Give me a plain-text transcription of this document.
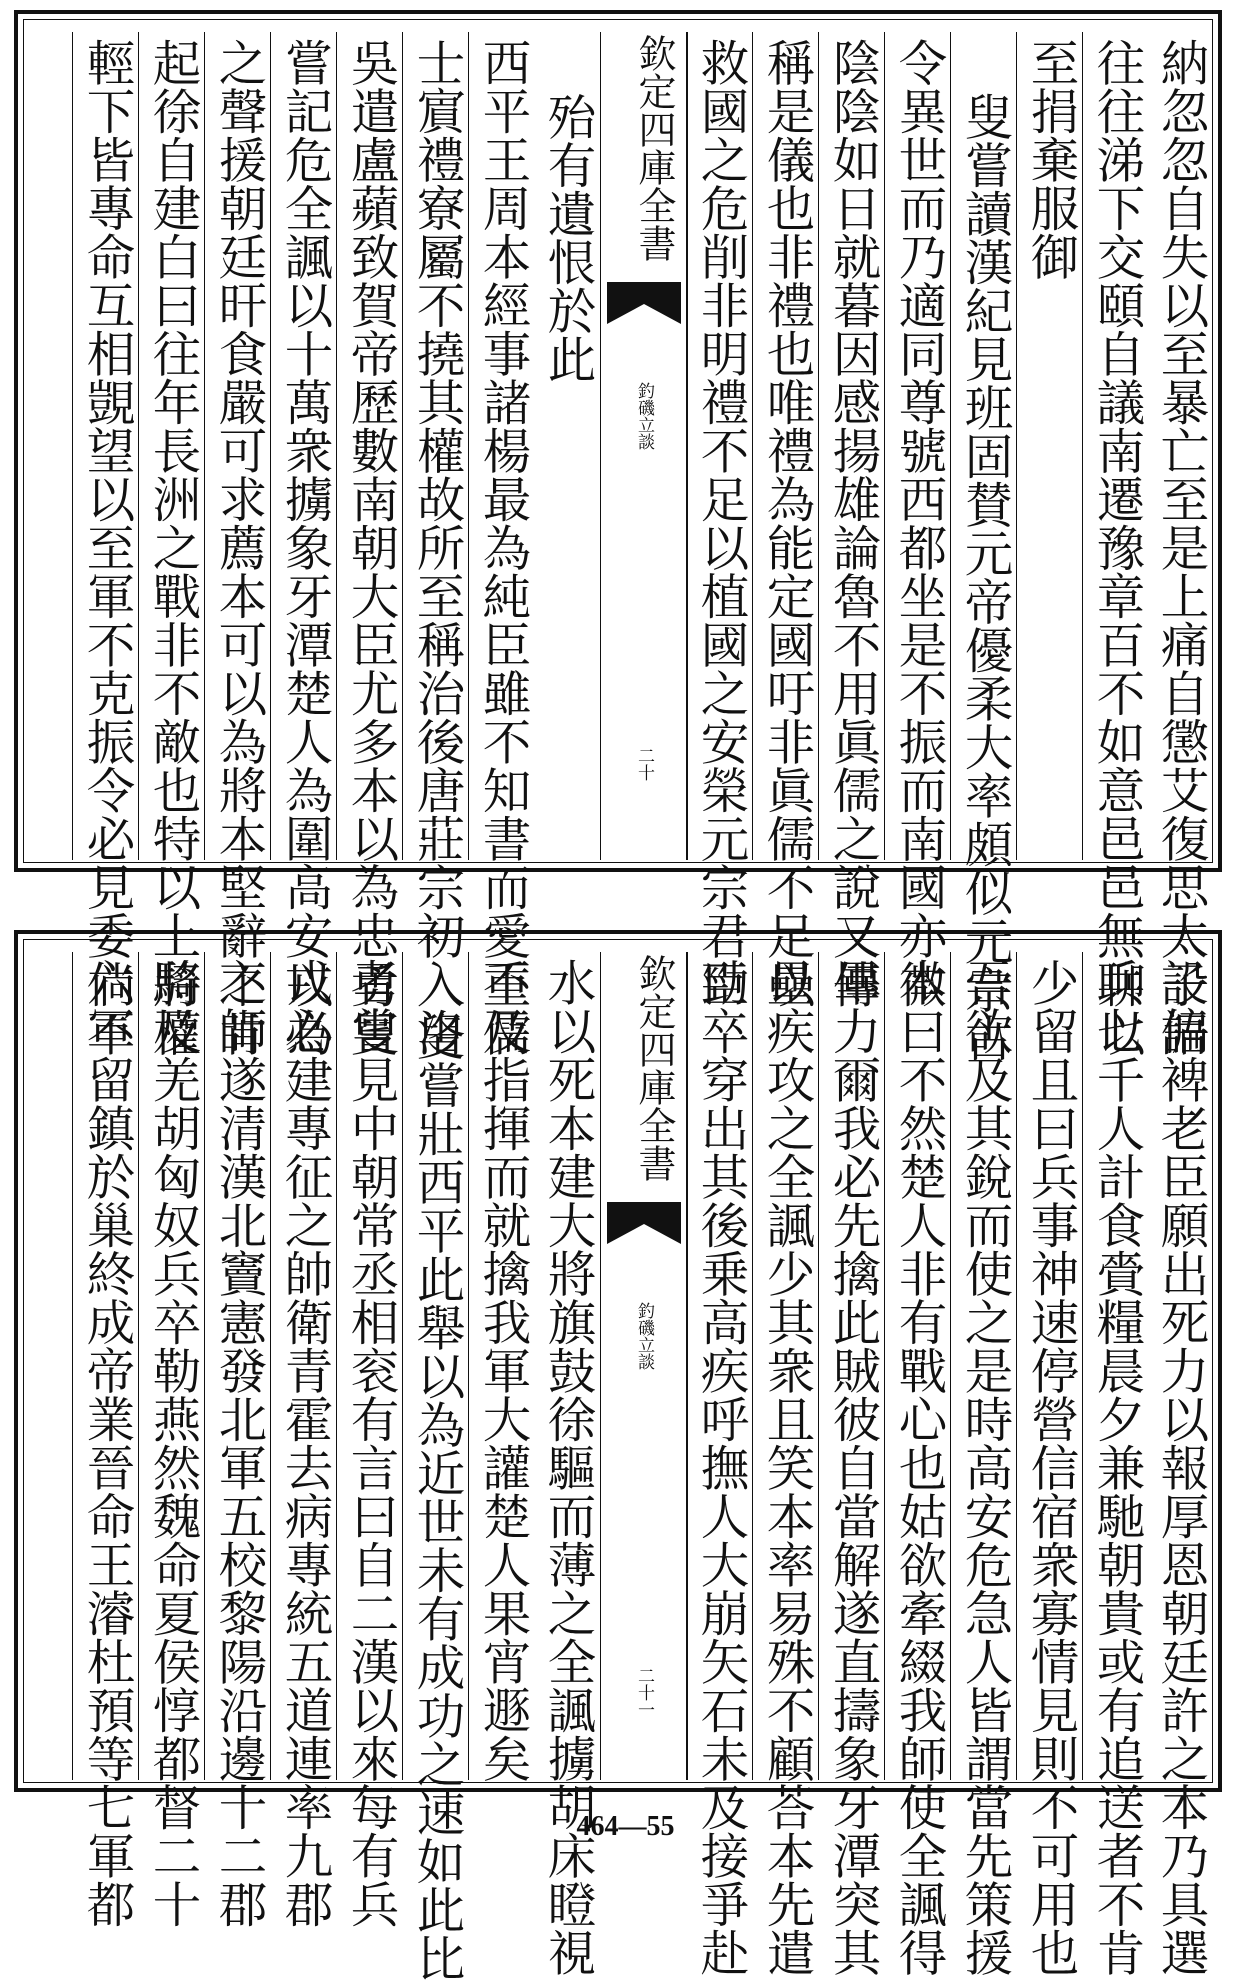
納忽忽自失以至暴亡至是上痛自懲艾復思太子語
往往涕下交頤自議南遷豫章百不如意邑邑無聊以
至捐棄服御
叟嘗讀漢紀見班固賛元帝優柔大率頗似元宗古
令異世而乃適同尊號西都坐是不振而南國亦微
陰陰如日就暮因感揚雄論魯不用眞儒之說又傳
稱是儀也非禮也唯禮為能定國吁非眞儒不足以
救國之危削非明禮不足以植國之安榮元宗君臣
欽定四庫全書
釣磯立談
二十
殆有遺恨於此
西平王周本經事諸楊最為純臣雖不知書而愛重儒
士賔禮寮屬不撓其權故所至稱治後唐莊宗初入洛
吳遣盧蘋致賀帝歷數南朝大臣尤多本以為忠勇叟
嘗記危全諷以十萬衆擄象牙潭楚人為圍高安以為
之聲援朝廷旰食嚴可求薦本可以為將本堅辭不肯
起徐自建白曰往年長洲之戰非不敵也特以上將權
輕下皆專命互相覬望以至軍不克振令必見委倘不
設偏裨老臣願出死力以報厚恩朝廷許之本乃具選
兵七千人計食賫糧晨夕兼馳朝貴或有追送者不肯
少留且曰兵事神速停營信宿衆寡情見則不可用也
吾欲及其銳而使之是時高安危急人皆謂當先策援
本曰不然楚人非有戰心也姑欲牽綴我師使全諷得
畢力爾我必先擒此賊彼自當解遂直擣象牙潭突其
壘疾攻之全諷少其衆且笑本率易殊不顧荅本先遣
勁卒穿出其後乗高疾呼撫人大崩矢石未及接爭赴
欽定四庫全書
釣磯立談
二十一
水以死本建大將旗鼓徐驅而薄之全諷擄胡床瞪視
不及指揮而就擒我軍大讙楚人果宵遯矣
叟嘗壯西平此舉以為近世未有成功之速如此比
者嘗見中朝常丞相衮有言曰自二漢以來每有兵
戎必建專征之帥衛青霍去病專統五道連率九郡
之師遂清漢北竇憲發北軍五校黎陽沿邊十二郡
騎及羌胡匈奴兵卒勒燕然魏命夏侯惇都督二十
六軍留鎮於巢終成帝業晉命王濬杜預等七軍都	464—55
